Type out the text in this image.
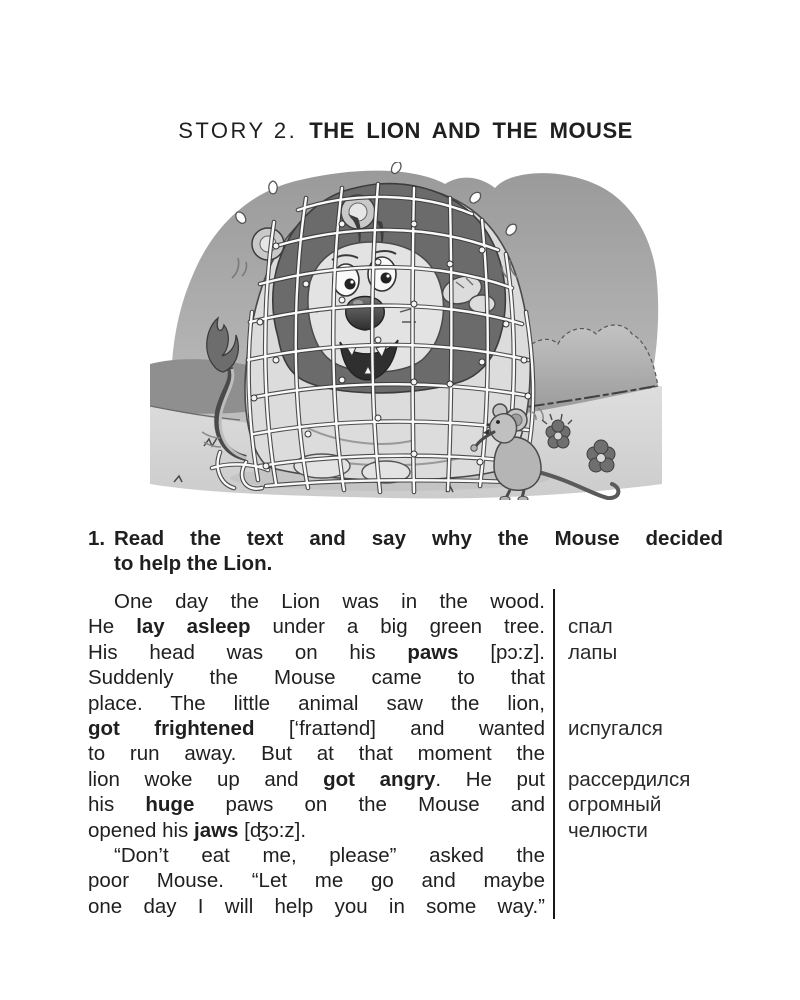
STORY 2. THE LION AND THE MOUSE
1. Read the text and say why the Mouse decided
to help the Lion.
One day the Lion was in the wood.
He lay asleep under a big green tree.
His head was on his paws [pɔ:z].
Suddenly the Mouse came to that
place. The little animal saw the lion,
got frightened [‘fraɪtənd] and wanted
to run away. But at that moment the
lion woke up and got angry. He put
his huge paws on the Mouse and
opened his jaws [ʤɔ:z].
“Don’t eat me, please” asked the
poor Mouse. “Let me go and maybe
one day I will help you in some way.”

спал
лапы

испугался

рассердился
огромный
челюсти
